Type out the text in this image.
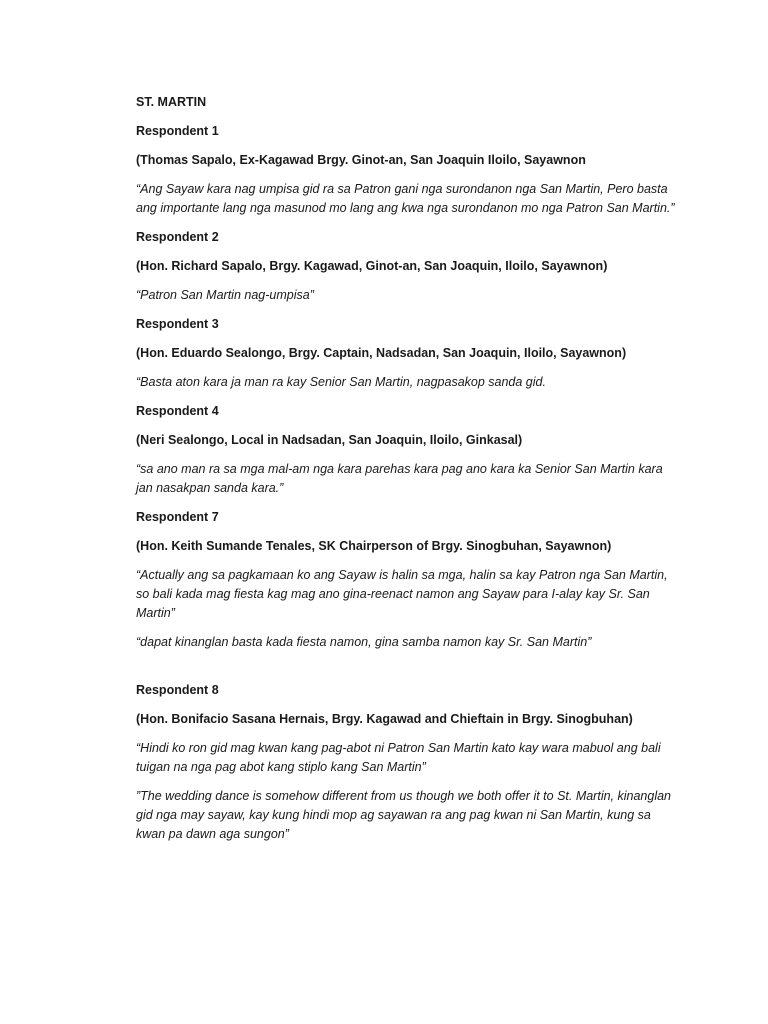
ST. MARTIN

Respondent 1

(Thomas Sapalo, Ex-Kagawad Brgy. Ginot-an, San Joaquin Iloilo, Sayawnon

“Ang Sayaw kara nag umpisa gid ra sa Patron gani nga surondanon nga San Martin, Pero basta ang importante lang nga masunod mo lang ang kwa nga surondanon mo nga Patron San Martin.”

Respondent 2

(Hon. Richard Sapalo, Brgy. Kagawad, Ginot-an, San Joaquin, Iloilo, Sayawnon)

“Patron San Martin nag-umpisa”

Respondent 3

(Hon. Eduardo Sealongo, Brgy. Captain, Nadsadan, San Joaquin, Iloilo, Sayawnon)

“Basta aton kara ja man ra kay Senior San Martin, nagpasakop sanda gid.

Respondent 4

(Neri Sealongo, Local in Nadsadan, San Joaquin, Iloilo, Ginkasal)

“sa ano man ra sa mga mal-am nga kara parehas kara pag ano kara ka Senior San Martin kara jan nasakpan sanda kara.”

Respondent 7

(Hon. Keith Sumande Tenales, SK Chairperson of Brgy. Sinogbuhan, Sayawnon)

“Actually ang sa pagkamaan ko ang Sayaw is halin sa mga, halin sa kay Patron nga San Martin, so bali kada mag fiesta kag mag ano gina-reenact namon ang Sayaw para I-alay kay Sr. San Martin”

“dapat kinanglan basta kada fiesta namon, gina samba namon kay Sr. San Martin”

Respondent 8

(Hon. Bonifacio Sasana Hernais, Brgy. Kagawad and Chieftain in Brgy. Sinogbuhan)

“Hindi ko ron gid mag kwan kang pag-abot ni Patron San Martin kato kay wara mabuol ang bali tuigan na nga pag abot kang stiplo kang San Martin”

”The wedding dance is somehow different from us though we both offer it to St. Martin, kinanglan gid nga may sayaw, kay kung hindi mop ag sayawan ra ang pag kwan ni San Martin, kung sa kwan pa dawn aga sungon”
